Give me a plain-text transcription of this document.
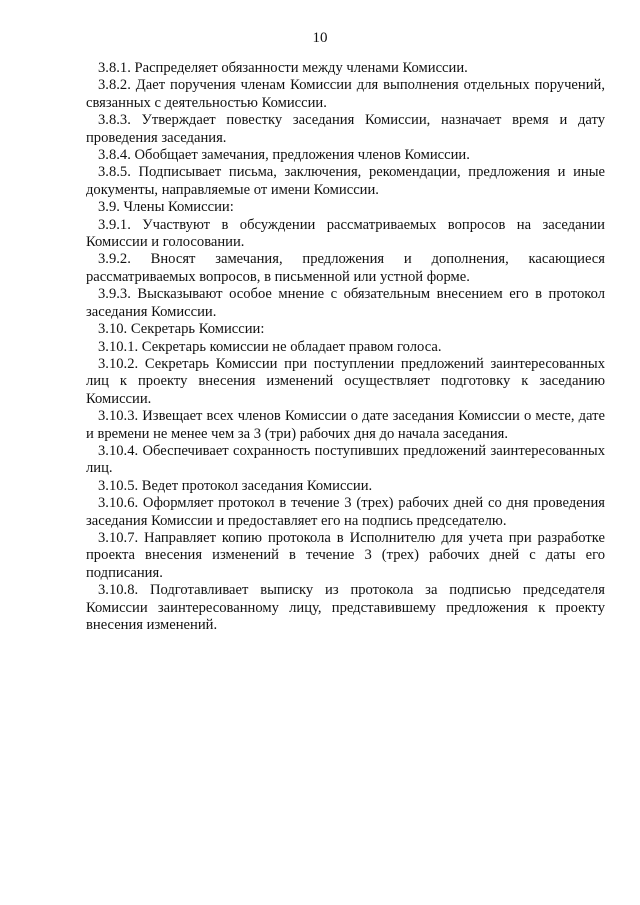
10

3.8.1. Распределяет обязанности между членами Комиссии.

3.8.2. Дает поручения членам Комиссии для выполнения отдельных поручений, связанных с деятельностью Комиссии.

3.8.3. Утверждает повестку заседания Комиссии, назначает время и дату проведения заседания.

3.8.4. Обобщает замечания, предложения членов Комиссии.

3.8.5. Подписывает письма, заключения, рекомендации, предложения и иные документы, направляемые от имени Комиссии.

3.9. Члены Комиссии:

3.9.1. Участвуют в обсуждении рассматриваемых вопросов на заседании Комиссии и голосовании.

3.9.2. Вносят замечания, предложения и дополнения, касающиеся рассматриваемых вопросов, в письменной или устной форме.

3.9.3. Высказывают особое мнение с обязательным внесением его в протокол заседания Комиссии.

3.10. Секретарь Комиссии:

3.10.1. Секретарь комиссии не обладает правом голоса.

3.10.2. Секретарь Комиссии при поступлении предложений заинтересованных лиц к проекту внесения изменений осуществляет подготовку к заседанию Комиссии.

3.10.3. Извещает всех членов Комиссии о дате заседания Комиссии о месте, дате и времени не менее чем за 3 (три) рабочих дня до начала заседания.

3.10.4. Обеспечивает сохранность поступивших предложений заинтересованных лиц.

3.10.5. Ведет протокол заседания Комиссии.

3.10.6. Оформляет протокол в течение 3 (трех) рабочих дней со дня проведения заседания Комиссии и предоставляет его на подпись председателю.

3.10.7. Направляет копию протокола в Исполнителю для учета при разработке проекта внесения изменений в течение 3 (трех) рабочих дней с даты его подписания.

3.10.8. Подготавливает выписку из протокола за подписью председателя Комиссии заинтересованному лицу, представившему предложения к проекту внесения изменений.
